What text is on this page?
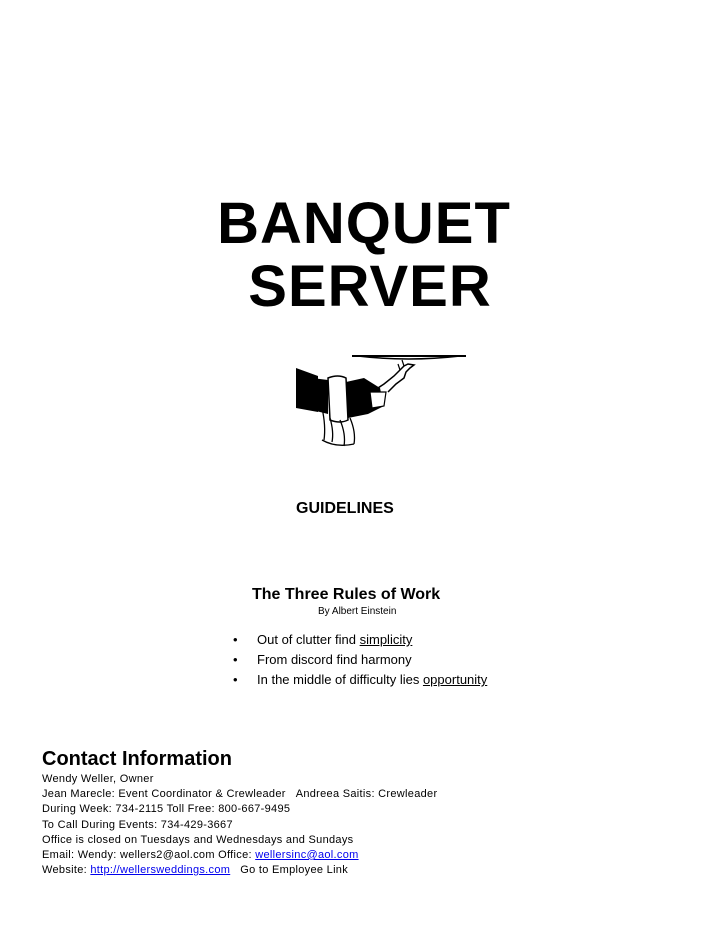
BANQUET
SERVER
GUIDELINES
The Three Rules of Work
By Albert Einstein
• Out of clutter find simplicity
• From discord find harmony
• In the middle of difficulty lies opportunity
Contact Information
Wendy Weller, Owner
Jean Marecle: Event Coordinator & Crewleader Andreea Saitis: Crewleader
During Week: 734-2115 Toll Free: 800-667-9495
To Call During Events: 734-429-3667
Office is closed on Tuesdays and Wednesdays and Sundays
Email: Wendy: wellers2@aol.com Office: wellersinc@aol.com
Website: http://wellersweddings.com Go to Employee Link
